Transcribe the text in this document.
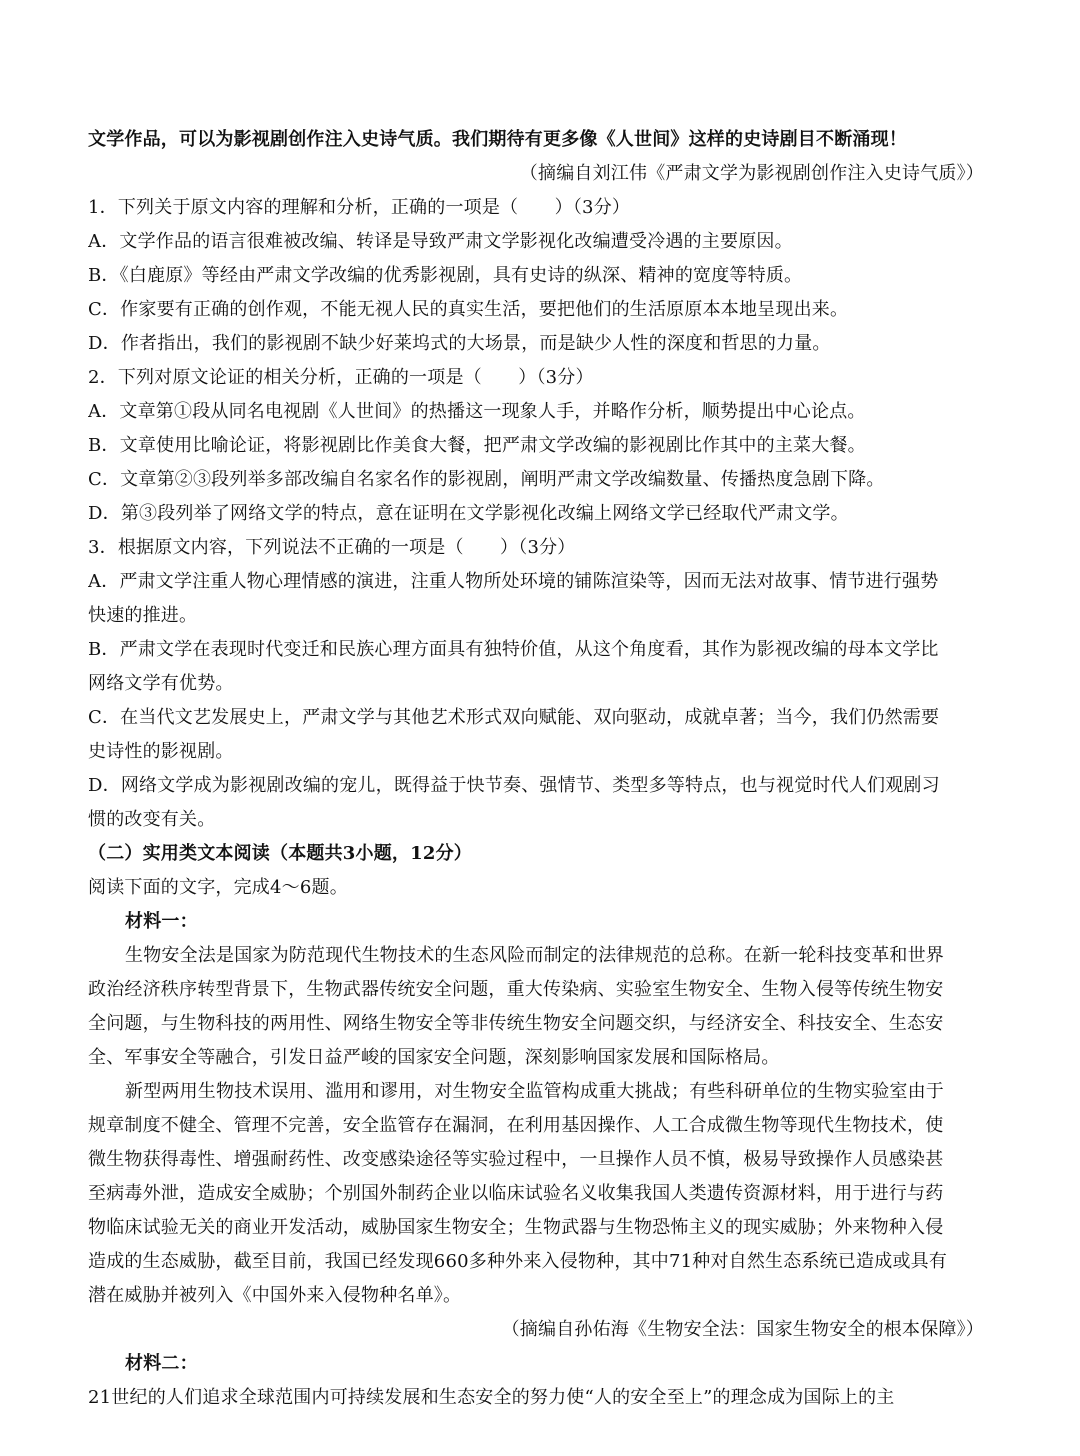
文学作品，可以为影视剧创作注入史诗气质。我们期待有更多像《人世间》这样的史诗剧目不断涌现！
（摘编自刘江伟《严肃文学为影视剧创作注入史诗气质》）
1．下列关于原文内容的理解和分析，正确的一项是（　　）（3分）
A．文学作品的语言很难被改编、转译是导致严肃文学影视化改编遭受冷遇的主要原因。
B．《白鹿原》等经由严肃文学改编的优秀影视剧，具有史诗的纵深、精神的宽度等特质。
C．作家要有正确的创作观，不能无视人民的真实生活，要把他们的生活原原本本地呈现出来。
D．作者指出，我们的影视剧不缺少好莱坞式的大场景，而是缺少人性的深度和哲思的力量。
2．下列对原文论证的相关分析，正确的一项是（　　）（3分）
A．文章第①段从同名电视剧《人世间》的热播这一现象人手，并略作分析，顺势提出中心论点。
B．文章使用比喻论证，将影视剧比作美食大餐，把严肃文学改编的影视剧比作其中的主菜大餐。
C．文章第②③段列举多部改编自名家名作的影视剧，阐明严肃文学改编数量、传播热度急剧下降。
D．第③段列举了网络文学的特点，意在证明在文学影视化改编上网络文学已经取代严肃文学。
3．根据原文内容，下列说法不正确的一项是（　　）（3分）
A．严肃文学注重人物心理情感的演进，注重人物所处环境的铺陈渲染等，因而无法对故事、情节进行强势
快速的推进。
B．严肃文学在表现时代变迁和民族心理方面具有独特价值，从这个角度看，其作为影视改编的母本文学比
网络文学有优势。
C．在当代文艺发展史上，严肃文学与其他艺术形式双向赋能、双向驱动，成就卓著；当今，我们仍然需要
史诗性的影视剧。
D．网络文学成为影视剧改编的宠儿，既得益于快节奏、强情节、类型多等特点，也与视觉时代人们观剧习
惯的改变有关。
（二）实用类文本阅读（本题共3小题，12分）
阅读下面的文字，完成4～6题。
材料一：
生物安全法是国家为防范现代生物技术的生态风险而制定的法律规范的总称。在新一轮科技变革和世界
政治经济秩序转型背景下，生物武器传统安全问题，重大传染病、实验室生物安全、生物入侵等传统生物安
全问题，与生物科技的两用性、网络生物安全等非传统生物安全问题交织，与经济安全、科技安全、生态安
全、军事安全等融合，引发日益严峻的国家安全问题，深刻影响国家发展和国际格局。
新型两用生物技术误用、滥用和谬用，对生物安全监管构成重大挑战；有些科研单位的生物实验室由于
规章制度不健全、管理不完善，安全监管存在漏洞，在利用基因操作、人工合成微生物等现代生物技术，使
微生物获得毒性、增强耐药性、改变感染途径等实验过程中，一旦操作人员不慎，极易导致操作人员感染甚
至病毒外泄，造成安全威胁；个别国外制药企业以临床试验名义收集我国人类遗传资源材料，用于进行与药
物临床试验无关的商业开发活动，威胁国家生物安全；生物武器与生物恐怖主义的现实威胁；外来物种入侵
造成的生态威胁，截至目前，我国已经发现660多种外来入侵物种，其中71种对自然生态系统已造成或具有
潜在威胁并被列入《中国外来入侵物种名单》。
（摘编自孙佑海《生物安全法：国家生物安全的根本保障》）
材料二：
21世纪的人们追求全球范围内可持续发展和生态安全的努力使“人的安全至上”的理念成为国际上的主
